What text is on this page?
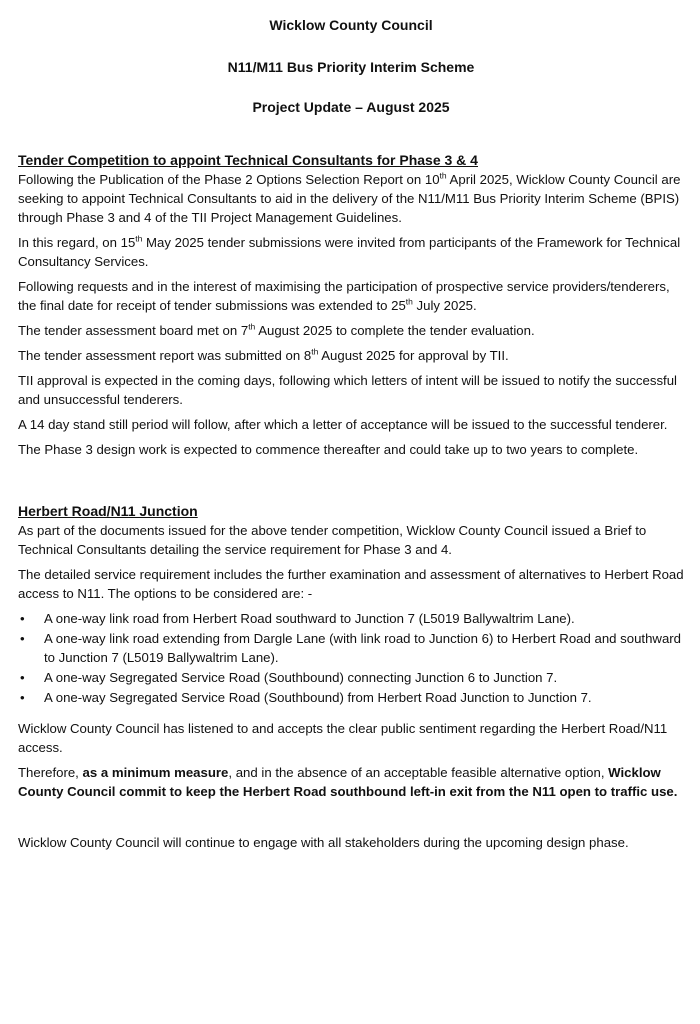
Wicklow County Council
N11/M11 Bus Priority Interim Scheme
Project Update – August 2025
Tender Competition to appoint Technical Consultants for Phase 3 & 4

Following the Publication of the Phase 2 Options Selection Report on 10th April 2025, Wicklow County Council are seeking to appoint Technical Consultants to aid in the delivery of the N11/M11 Bus Priority Interim Scheme (BPIS) through Phase 3 and 4 of the TII Project Management Guidelines.

In this regard, on 15th May 2025 tender submissions were invited from participants of the Framework for Technical Consultancy Services.

Following requests and in the interest of maximising the participation of prospective service providers/tenderers, the final date for receipt of tender submissions was extended to 25th July 2025.

The tender assessment board met on 7th August 2025 to complete the tender evaluation.

The tender assessment report was submitted on 8th August 2025 for approval by TII.

TII approval is expected in the coming days, following which letters of intent will be issued to notify the successful and unsuccessful tenderers.

A 14 day stand still period will follow, after which a letter of acceptance will be issued to the successful tenderer.

The Phase 3 design work is expected to commence thereafter and could take up to two years to complete.

Herbert Road/N11 Junction

As part of the documents issued for the above tender competition, Wicklow County Council issued a Brief to Technical Consultants detailing the service requirement for Phase 3 and 4.

The detailed service requirement includes the further examination and assessment of alternatives to Herbert Road access to N11. The options to be considered are: -

• A one-way link road from Herbert Road southward to Junction 7 (L5019 Ballywaltrim Lane).
• A one-way link road extending from Dargle Lane (with link road to Junction 6) to Herbert Road and southward to Junction 7 (L5019 Ballywaltrim Lane).
• A one-way Segregated Service Road (Southbound) connecting Junction 6 to Junction 7.
• A one-way Segregated Service Road (Southbound) from Herbert Road Junction to Junction 7.

Wicklow County Council has listened to and accepts the clear public sentiment regarding the Herbert Road/N11 access.

Therefore, as a minimum measure, and in the absence of an acceptable feasible alternative option, Wicklow County Council commit to keep the Herbert Road southbound left-in exit from the N11 open to traffic use.

Wicklow County Council will continue to engage with all stakeholders during the upcoming design phase.
